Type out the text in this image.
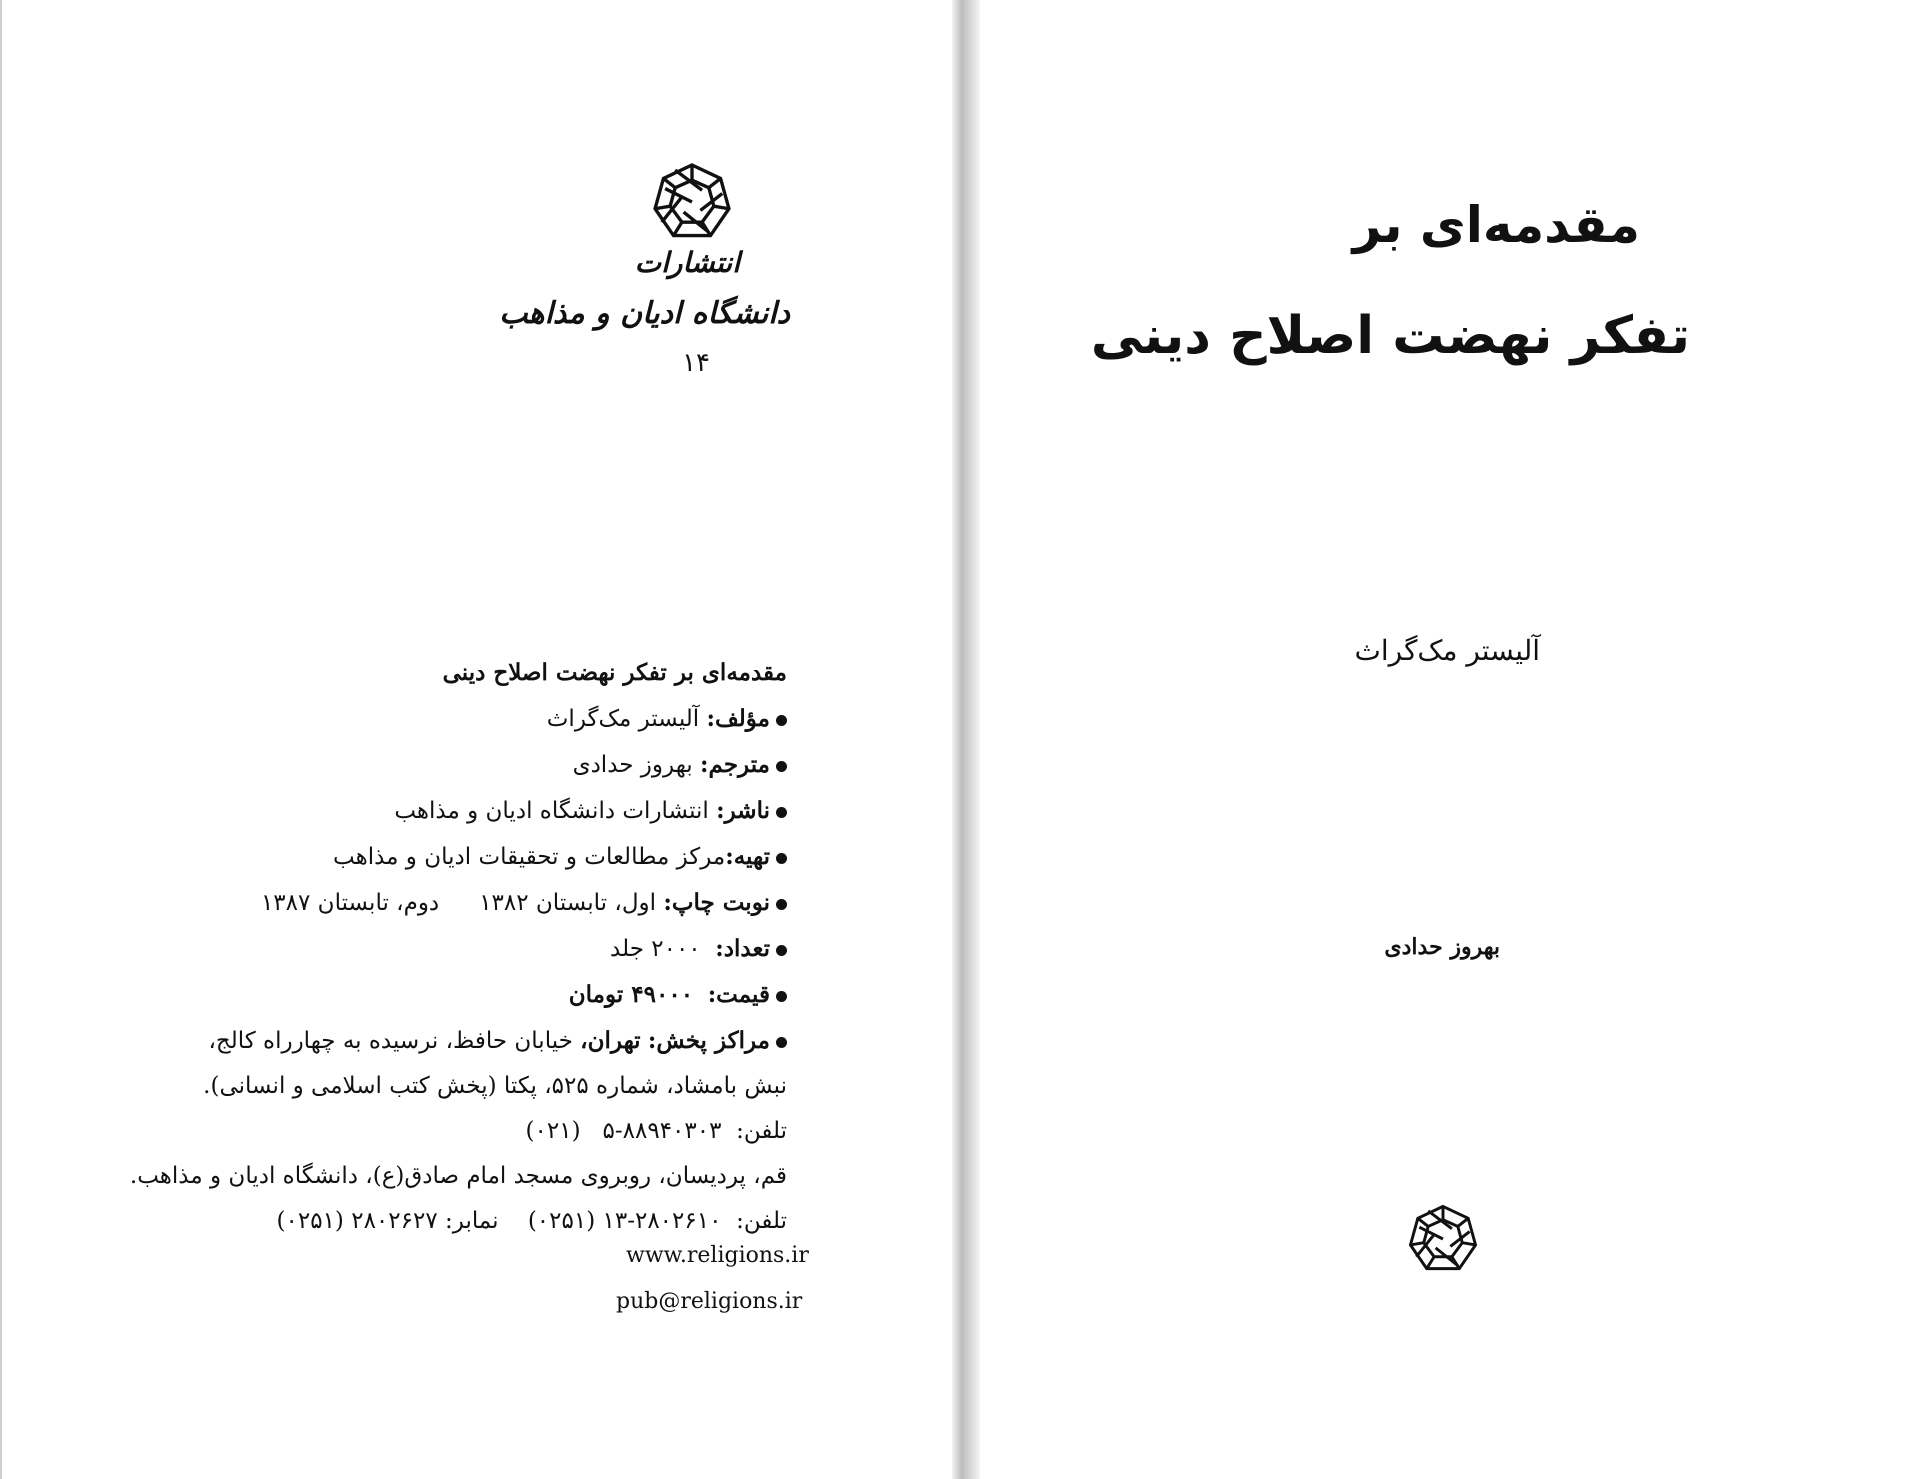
انتشارات
دانشگاه ادیان و مذاهب
۱۴
مقدمه‌ای بر تفکر نهضت اصلاح دینی
مؤلف: آلیستر مک‌گراث
مترجم: بهروز حدادی
ناشر: انتشارات دانشگاه ادیان و مذاهب
تهیه:مرکز مطالعات و تحقیقات ادیان و مذاهب
نوبت چاپ: اول، تابستان ۱۳۸۲دوم، تابستان ۱۳۸۷
تعداد:  ۲۰۰۰ جلد
قیمت:  ۴۹۰۰۰ تومان
مراکز پخش: تهران، خیابان حافظ، نرسیده به چهارراه کالج،
نبش بامشاد، شماره ۵۲۵، پکتا (پخش کتب اسلامی و انسانی).
تلفن:  ۵-۸۸۹۴۰۳۰۳   (۰۲۱)
قم، پردیسان، روبروی مسجد امام صادق(ع)، دانشگاه ادیان و مذاهب.
تلفن:  ۱۳-۲۸۰۲۶۱۰ (۰۲۵۱)    نمابر: ۲۸۰۲۶۲۷ (۰۲۵۱)
www.religions.ir
pub@religions.ir
مقدمه‌ای بر
تفکر نهضت اصلاح دینی
آلیستر مک‌گراث
بهروز حدادی
